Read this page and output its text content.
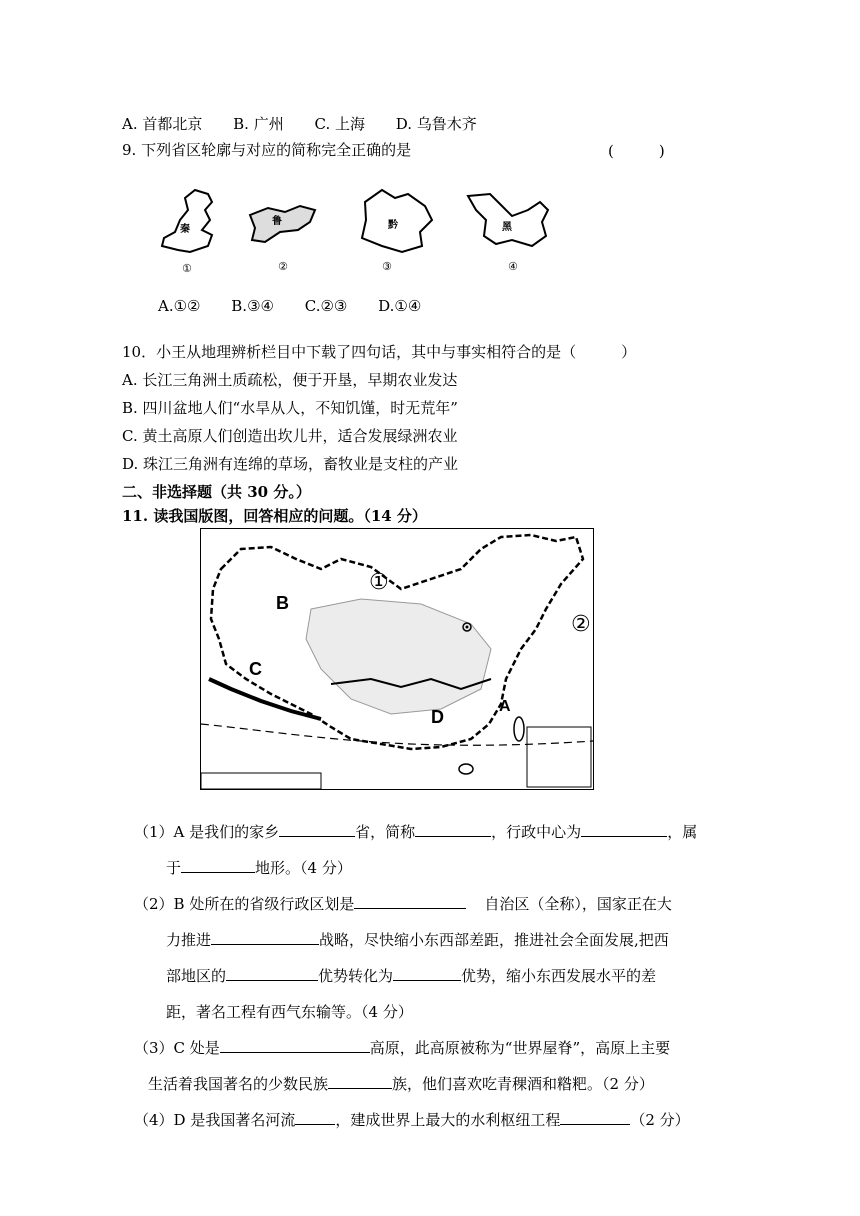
A. 首都北京 B. 广州 C. 上海 D. 乌鲁木齐
9. 下列省区轮廓与对应的简称完全正确的是	(　　　)
秦
鲁	黔	黑
①	②	③	④
A.①② B.③④ C.②③ D.①④
10．小王从地理辨析栏目中下载了四句话，其中与事实相符合的是（　　　）
A. 长江三角洲土质疏松，便于开垦，早期农业发达
B. 四川盆地人们“水旱从人，不知饥馑，时无荒年”
C. 黄土高原人们创造出坎儿井，适合发展绿洲农业
D. 珠江三角洲有连绵的草场，畜牧业是支柱的产业
二、非选择题（共 30 分。）
11. 读我国版图，回答相应的问题。（14 分）
①
②
B
C
D
A
（1）A 是我们的家乡	省，简称	，行政中心为	，属
于	地形。（4 分）
（2）B 处所在的省级行政区划是	自治区（全称），国家正在大
力推进	战略，尽快缩小东西部差距，推进社会全面发展,把西
部地区的	优势转化为	优势，缩小东西发展水平的差
距，著名工程有西气东输等。（4 分）
（3）C 处是	高原，此高原被称为“世界屋脊”，高原上主要
生活着我国著名的少数民族	族，他们喜欢吃青稞酒和糌粑。（2 分）
（4）D 是我国著名河流	，建成世界上最大的水利枢纽工程	（2 分）
